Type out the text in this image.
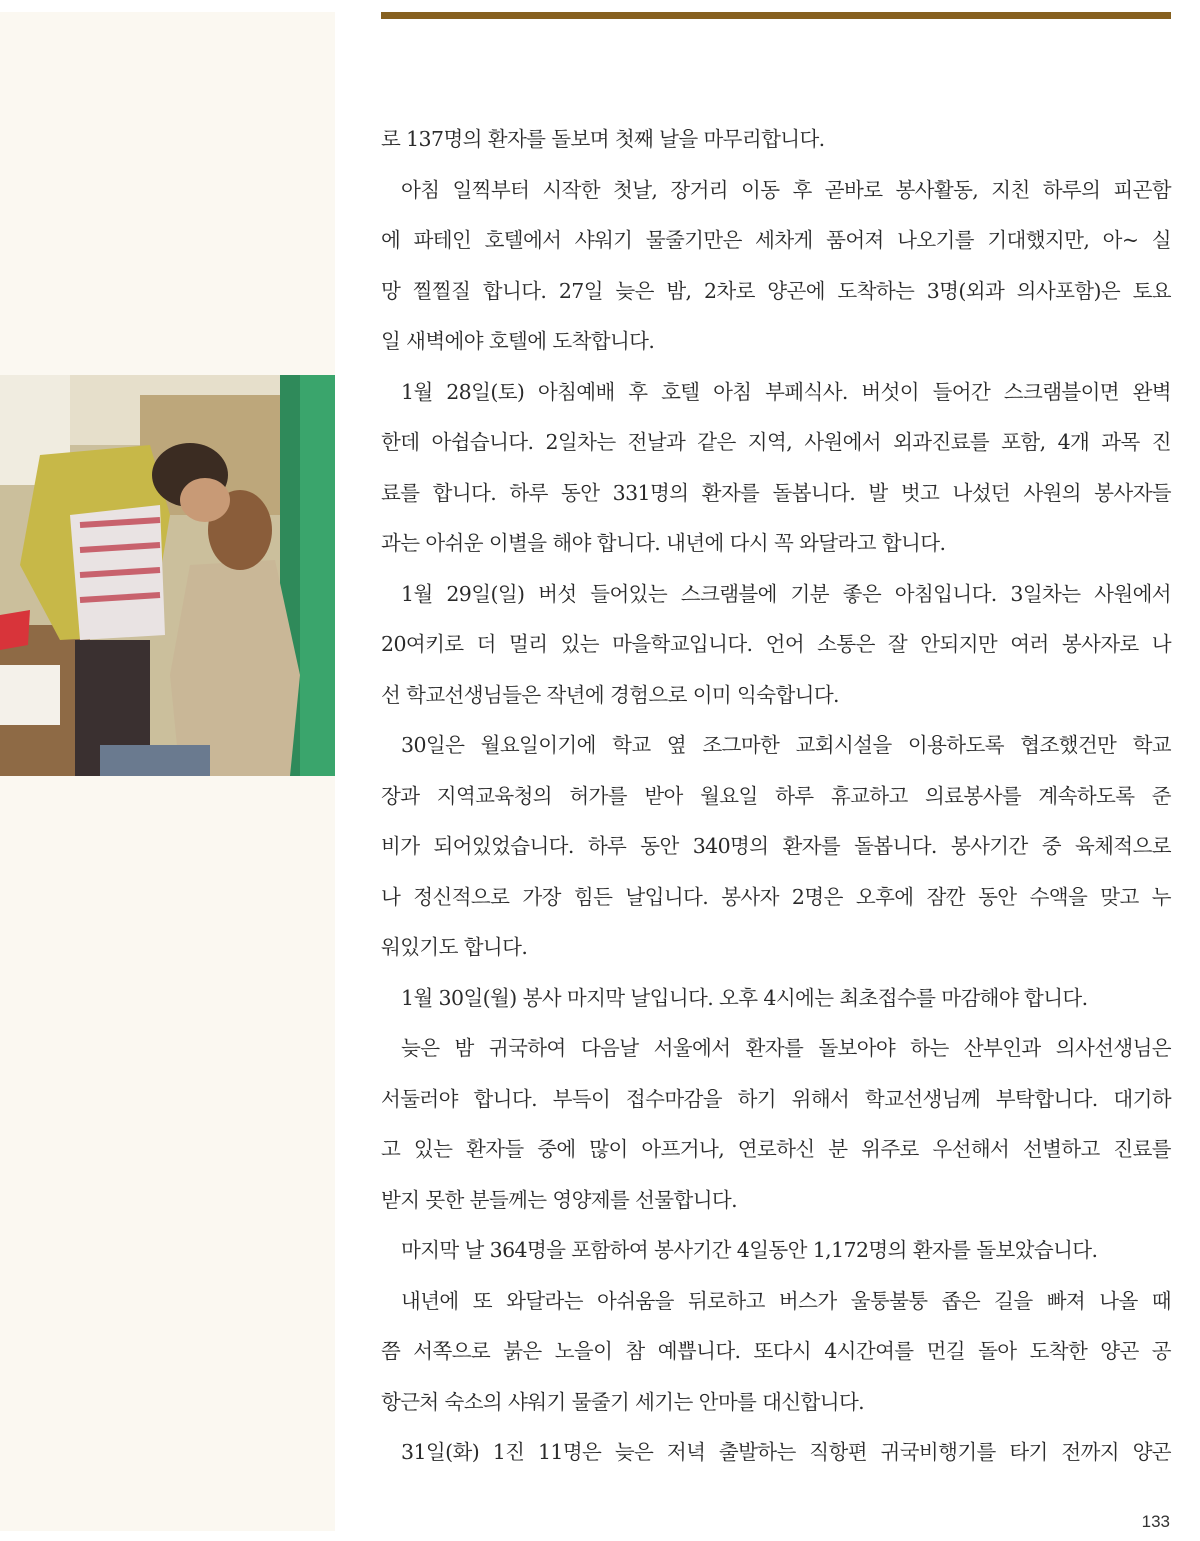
로 137명의 환자를 돌보며 첫째 날을 마무리합니다.
아침 일찍부터 시작한 첫날, 장거리 이동 후 곧바로 봉사활동, 지친 하루의 피곤함
에 파테인 호텔에서 샤워기 물줄기만은 세차게 품어져 나오기를 기대했지만, 아~ 실
망 찔찔질 합니다. 27일 늦은 밤, 2차로 양곤에 도착하는 3명(외과 의사포함)은 토요
일 새벽에야 호텔에 도착합니다.
1월 28일(토) 아침예배 후 호텔 아침 부페식사. 버섯이 들어간 스크램블이면 완벽
한데 아쉽습니다. 2일차는 전날과 같은 지역, 사원에서 외과진료를 포함, 4개 과목 진
료를 합니다. 하루 동안 331명의 환자를 돌봅니다. 발 벗고 나섰던 사원의 봉사자들
과는 아쉬운 이별을 해야 합니다. 내년에 다시 꼭 와달라고 합니다.
1월 29일(일) 버섯 들어있는 스크램블에 기분 좋은 아침입니다. 3일차는 사원에서
20여키로 더 멀리 있는 마을학교입니다. 언어 소통은 잘 안되지만 여러 봉사자로 나
선 학교선생님들은 작년에 경험으로 이미 익숙합니다.
30일은 월요일이기에 학교 옆 조그마한 교회시설을 이용하도록 협조했건만 학교
장과 지역교육청의 허가를 받아 월요일 하루 휴교하고 의료봉사를 계속하도록 준
비가 되어있었습니다. 하루 동안 340명의 환자를 돌봅니다. 봉사기간 중 육체적으로
나 정신적으로 가장 힘든 날입니다. 봉사자 2명은 오후에 잠깐 동안 수액을 맞고 누
워있기도 합니다.
1월 30일(월) 봉사 마지막 날입니다. 오후 4시에는 최초접수를 마감해야 합니다.
늦은 밤 귀국하여 다음날 서울에서 환자를 돌보아야 하는 산부인과 의사선생님은
서둘러야 합니다. 부득이 접수마감을 하기 위해서 학교선생님께 부탁합니다. 대기하
고 있는 환자들 중에 많이 아프거나, 연로하신 분 위주로 우선해서 선별하고 진료를
받지 못한 분들께는 영양제를 선물합니다.
마지막 날 364명을 포함하여 봉사기간 4일동안 1,172명의 환자를 돌보았습니다.
내년에 또 와달라는 아쉬움을 뒤로하고 버스가 울퉁불퉁 좁은 길을 빠져 나올 때
쯤 서쪽으로 붉은 노을이 참 예쁩니다. 또다시 4시간여를 먼길 돌아 도착한 양곤 공
항근처 숙소의 샤워기 물줄기 세기는 안마를 대신합니다.
31일(화) 1진 11명은 늦은 저녁 출발하는 직항편 귀국비행기를 타기 전까지 양곤
133
